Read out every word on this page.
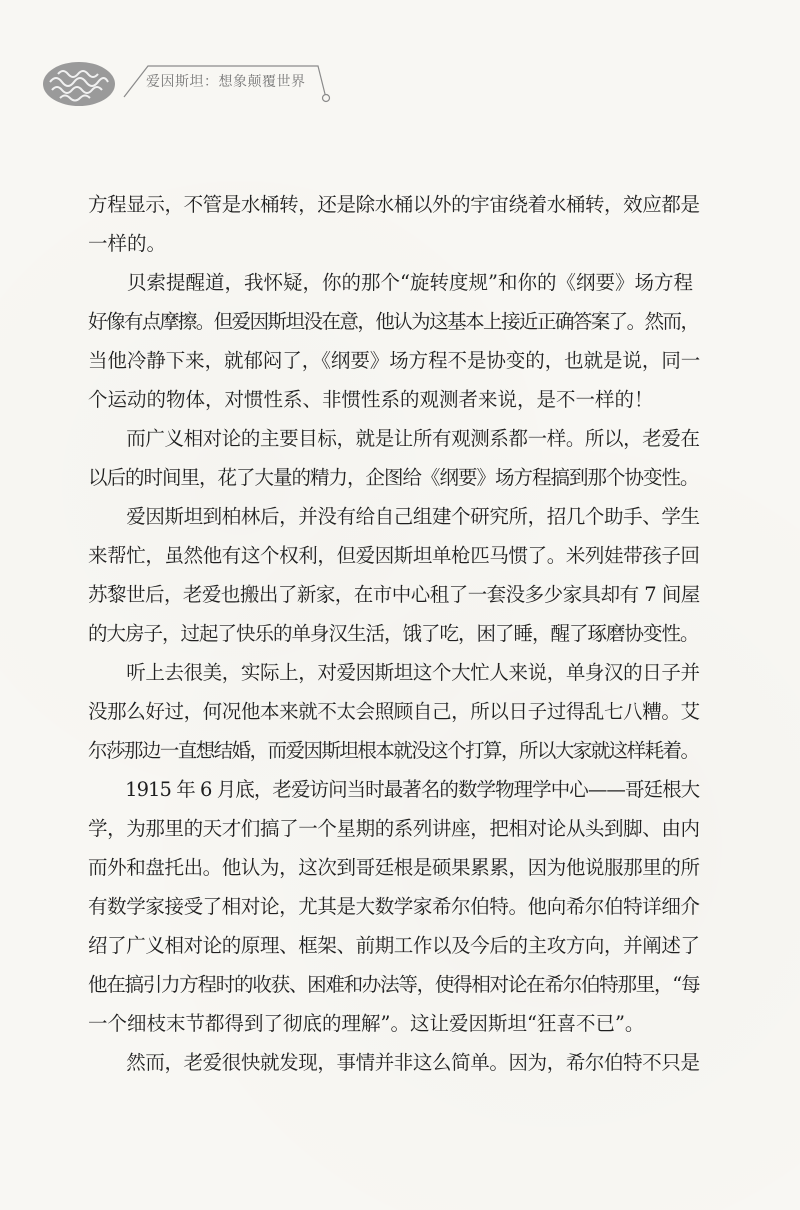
爱因斯坦：想象颠覆世界
方程显示，不管是水桶转，还是除水桶以外的宇宙绕着水桶转，效应都是
一样的。
　　贝索提醒道，我怀疑，你的那个“旋转度规”和你的《纲要》场方程
好像有点摩擦。但爱因斯坦没在意，他认为这基本上接近正确答案了。然而，
当他冷静下来，就郁闷了，《纲要》场方程不是协变的，也就是说，同一
个运动的物体，对惯性系、非惯性系的观测者来说，是不一样的！
　　而广义相对论的主要目标，就是让所有观测系都一样。所以，老爱在
以后的时间里，花了大量的精力，企图给《纲要》场方程搞到那个协变性。
　　爱因斯坦到柏林后，并没有给自己组建个研究所，招几个助手、学生
来帮忙，虽然他有这个权利，但爱因斯坦单枪匹马惯了。米列娃带孩子回
苏黎世后，老爱也搬出了新家，在市中心租了一套没多少家具却有 7 间屋
的大房子，过起了快乐的单身汉生活，饿了吃，困了睡，醒了琢磨协变性。
　　听上去很美，实际上，对爱因斯坦这个大忙人来说，单身汉的日子并
没那么好过，何况他本来就不太会照顾自己，所以日子过得乱七八糟。艾
尔莎那边一直想结婚，而爱因斯坦根本就没这个打算，所以大家就这样耗着。
　　1915 年 6 月底，老爱访问当时最著名的数学物理学中心——哥廷根大
学，为那里的天才们搞了一个星期的系列讲座，把相对论从头到脚、由内
而外和盘托出。他认为，这次到哥廷根是硕果累累，因为他说服那里的所
有数学家接受了相对论，尤其是大数学家希尔伯特。他向希尔伯特详细介
绍了广义相对论的原理、框架、前期工作以及今后的主攻方向，并阐述了
他在搞引力方程时的收获、困难和办法等，使得相对论在希尔伯特那里，“每
一个细枝末节都得到了彻底的理解”。这让爱因斯坦“狂喜不已”。
　　然而，老爱很快就发现，事情并非这么简单。因为，希尔伯特不只是
